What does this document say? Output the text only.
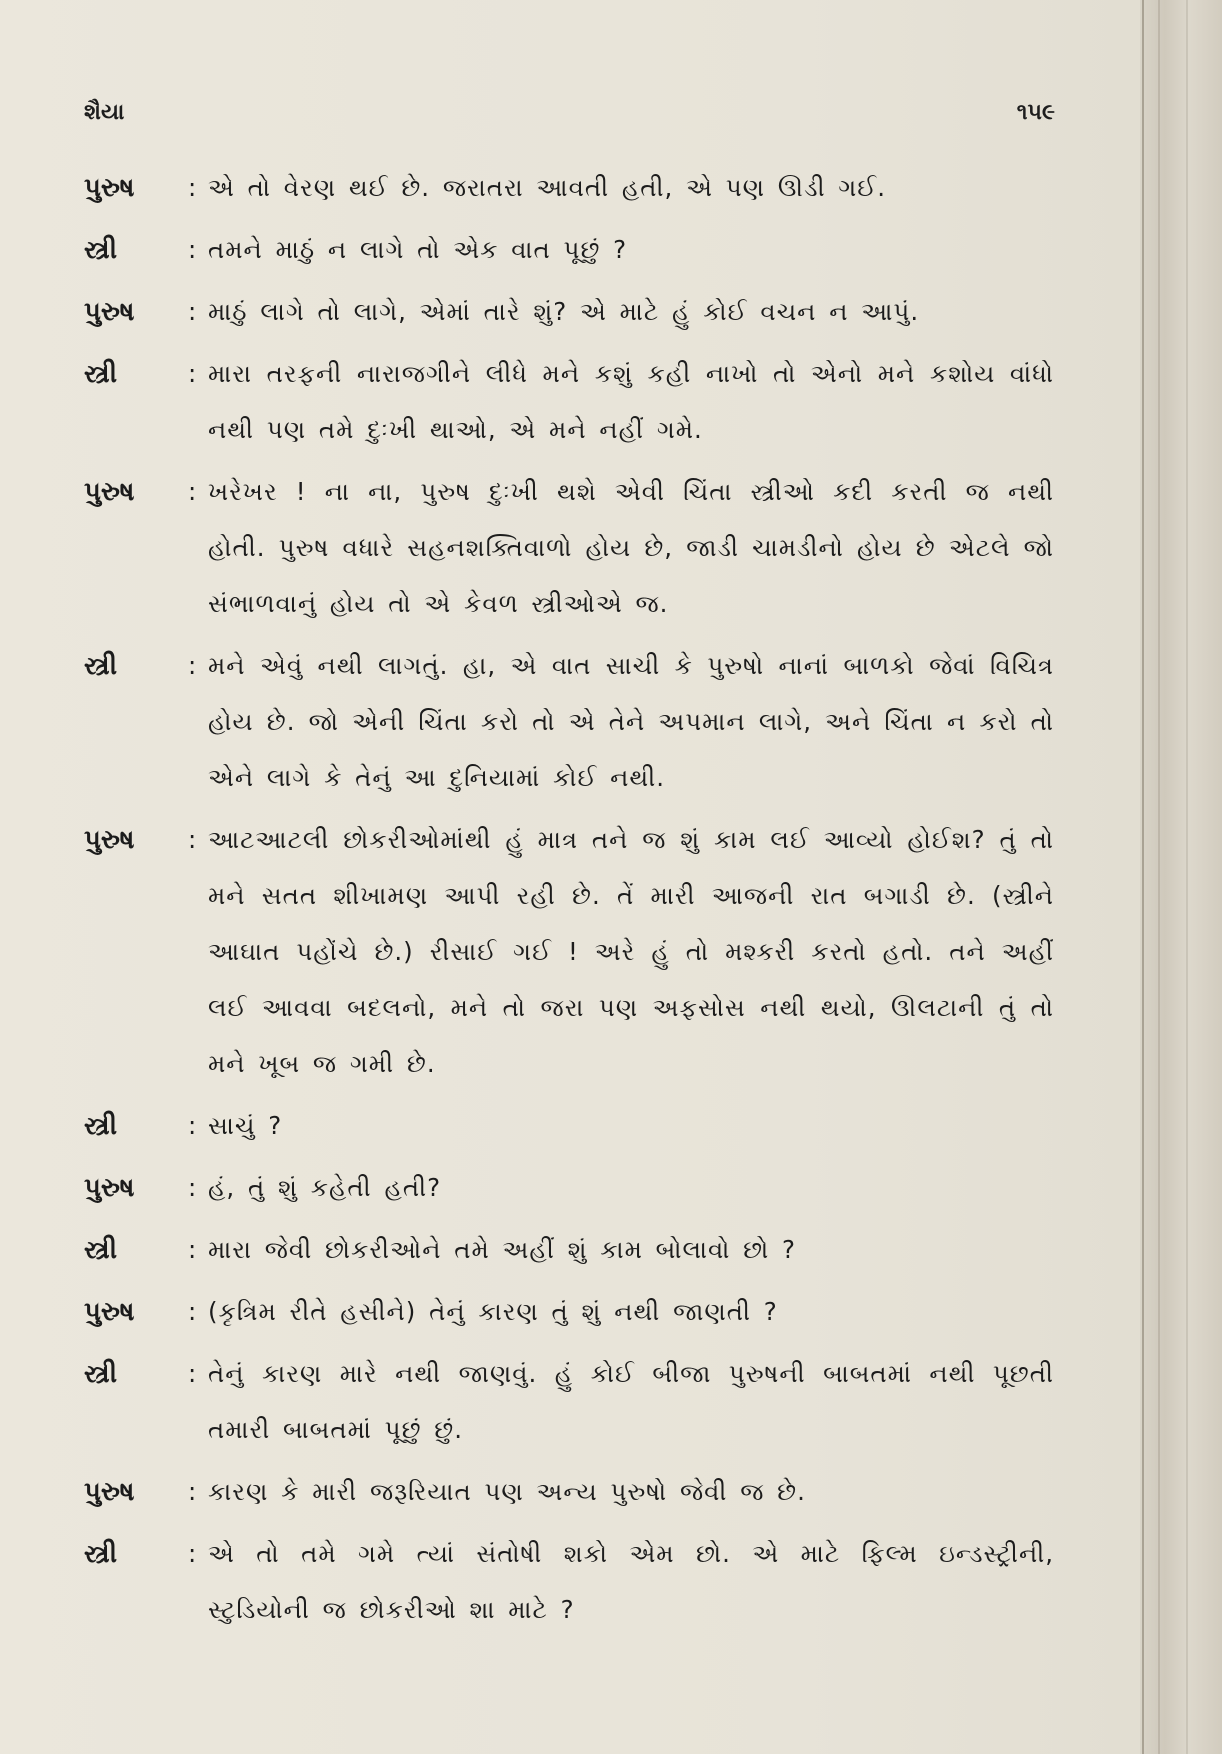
શૈયા	૧૫૯
પુરુષ	: એ તો વેરણ થઈ છે. જરાતરા આવતી હતી, એ પણ ઊડી ગઈ.
સ્ત્રી	: તમને માઠું ન લાગે તો એક વાત પૂછું ?
પુરુષ	: માઠું લાગે તો લાગે, એમાં તારે શું? એ માટે હું કોઈ વચન ન આપું.
સ્ત્રી	: મારા તરફની નારાજગીને લીધે મને કશું કહી નાખો તો એનો મને કશોય વાંધો નથી પણ તમે દુઃખી થાઓ, એ મને નહીં ગમે.
પુરુષ	: ખરેખર ! ના ના, પુરુષ દુઃખી થશે એવી ચિંતા સ્ત્રીઓ કદી કરતી જ નથી હોતી. પુરુષ વધારે સહનશક્તિવાળો હોય છે, જાડી ચામડીનો હોય છે એટલે જો સંભાળવાનું હોય તો એ કેવળ સ્ત્રીઓએ જ.
સ્ત્રી	: મને એવું નથી લાગતું. હા, એ વાત સાચી કે પુરુષો નાનાં બાળકો જેવાં વિચિત્ર હોય છે. જો એની ચિંતા કરો તો એ તેને અપમાન લાગે, અને ચિંતા ન કરો તો એને લાગે કે તેનું આ દુનિયામાં કોઈ નથી.
પુરુષ	: આટઆટલી છોકરીઓમાંથી હું માત્ર તને જ શું કામ લઈ આવ્યો હોઈશ? તું તો મને સતત શીખામણ આપી રહી છે. તેં મારી આજની રાત બગાડી છે. (સ્ત્રીને આઘાત પહોંચે છે.) રીસાઈ ગઈ ! અરે હું તો મશ્કરી કરતો હતો. તને અહીં લઈ આવવા બદલનો, મને તો જરા પણ અફસોસ નથી થયો, ઊલટાની તું તો મને ખૂબ જ ગમી છે.
સ્ત્રી	: સાચું ?
પુરુષ	: હં, તું શું કહેતી હતી?
સ્ત્રી	: મારા જેવી છોકરીઓને તમે અહીં શું કામ બોલાવો છો ?
પુરુષ	: (કૃત્રિમ રીતે હસીને) તેનું કારણ તું શું નથી જાણતી ?
સ્ત્રી	: તેનું કારણ મારે નથી જાણવું. હું કોઈ બીજા પુરુષની બાબતમાં નથી પૂછતી તમારી બાબતમાં પૂછું છું.
પુરુષ	: કારણ કે મારી જરૂરિયાત પણ અન્ય પુરુષો જેવી જ છે.
સ્ત્રી	: એ તો તમે ગમે ત્યાં સંતોષી શકો એમ છો. એ માટે ફિલ્મ ઇન્ડસ્ટ્રીની, સ્ટુડિયોની જ છોકરીઓ શા માટે ?
